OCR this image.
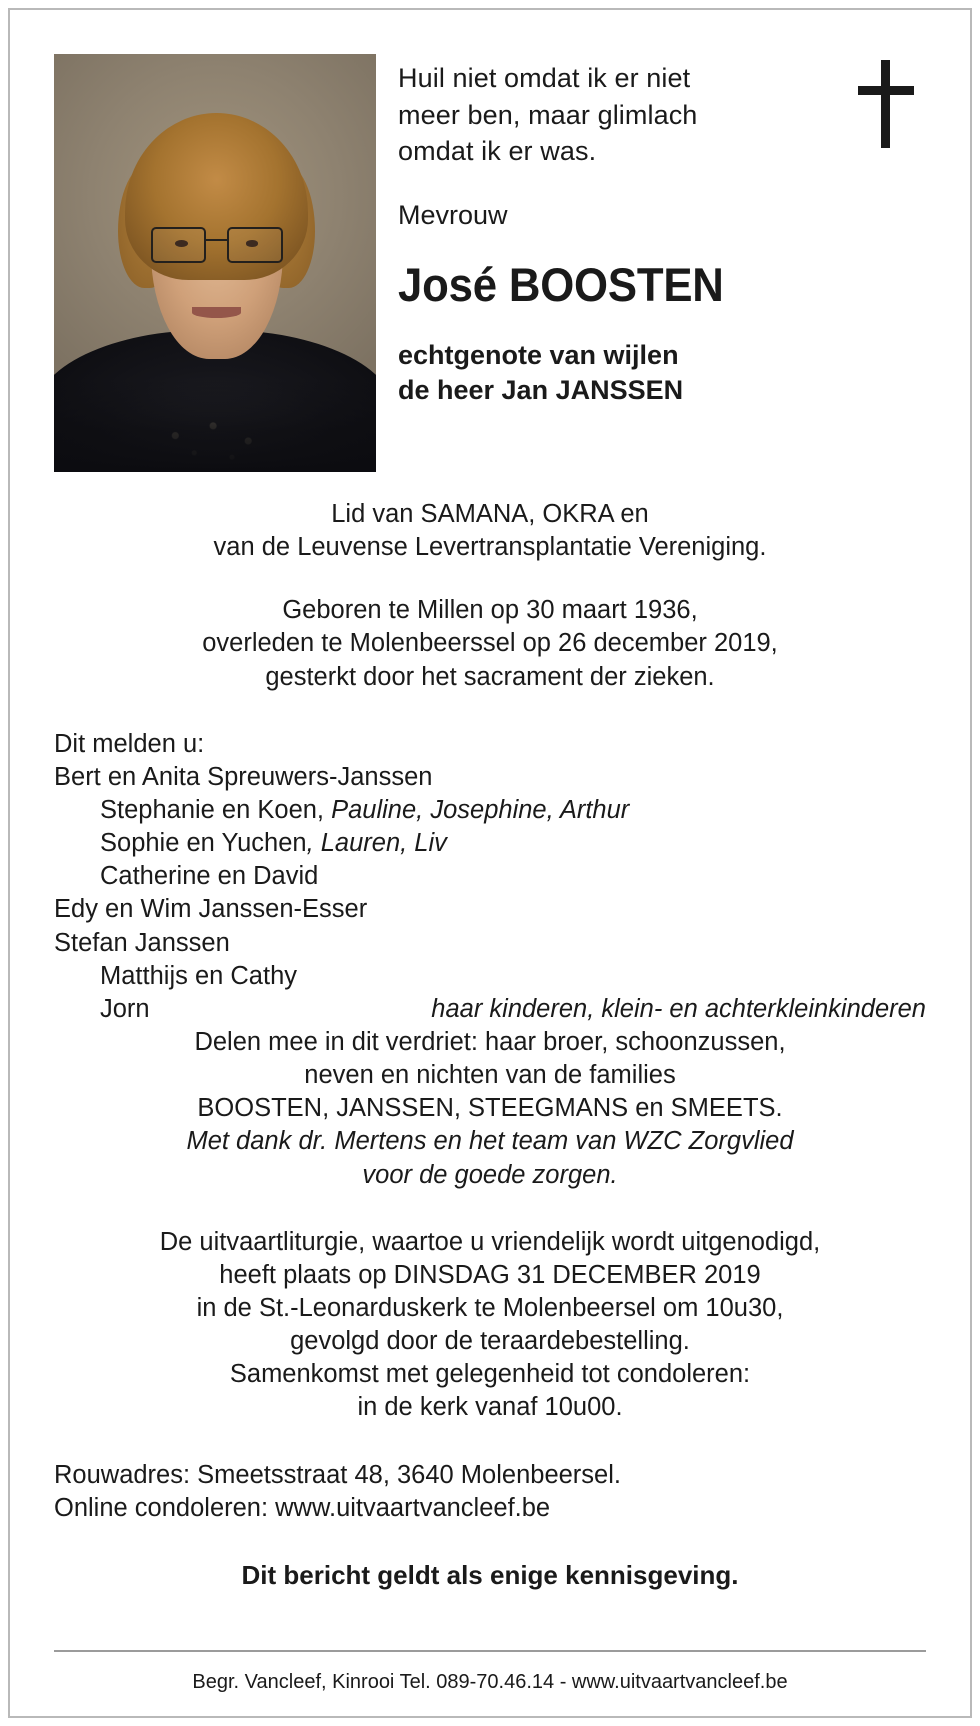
Huil niet omdat ik er niet meer ben, maar glimlach omdat ik er was.

Mevrouw

José BOOSTEN

echtgenote van wijlen
de heer Jan JANSSEN

Lid van SAMANA, OKRA en
van de Leuvense Levertransplantatie Vereniging.
Geboren te Millen op 30 maart 1936,
overleden te Molenbeerssel op 26 december 2019,
gesterkt door het sacrament der zieken.
Dit melden u:
Bert en Anita Spreuwers-Janssen
Stephanie en Koen, Pauline, Josephine, Arthur
Sophie en Yuchen, Lauren, Liv
Catherine en David
Edy en Wim Janssen-Esser
Stefan Janssen
Matthijs en Cathy
Jorn	haar kinderen, klein- en achterkleinkinderen
Delen mee in dit verdriet: haar broer, schoonzussen,
neven en nichten van de families
BOOSTEN, JANSSEN, STEEGMANS en SMEETS.
Met dank dr. Mertens en het team van WZC Zorgvlied
voor de goede zorgen.
De uitvaartliturgie, waartoe u vriendelijk wordt uitgenodigd,
heeft plaats op DINSDAG 31 DECEMBER 2019
in de St.-Leonarduskerk te Molenbeersel om 10u30,
gevolgd door de teraardebestelling.
Samenkomst met gelegenheid tot condoleren:
in de kerk vanaf 10u00.
Rouwadres: Smeetsstraat 48, 3640 Molenbeersel.
Online condoleren: www.uitvaartvancleef.be
Dit bericht geldt als enige kennisgeving.
Begr. Vancleef, Kinrooi Tel. 089-70.46.14 - www.uitvaartvancleef.be
